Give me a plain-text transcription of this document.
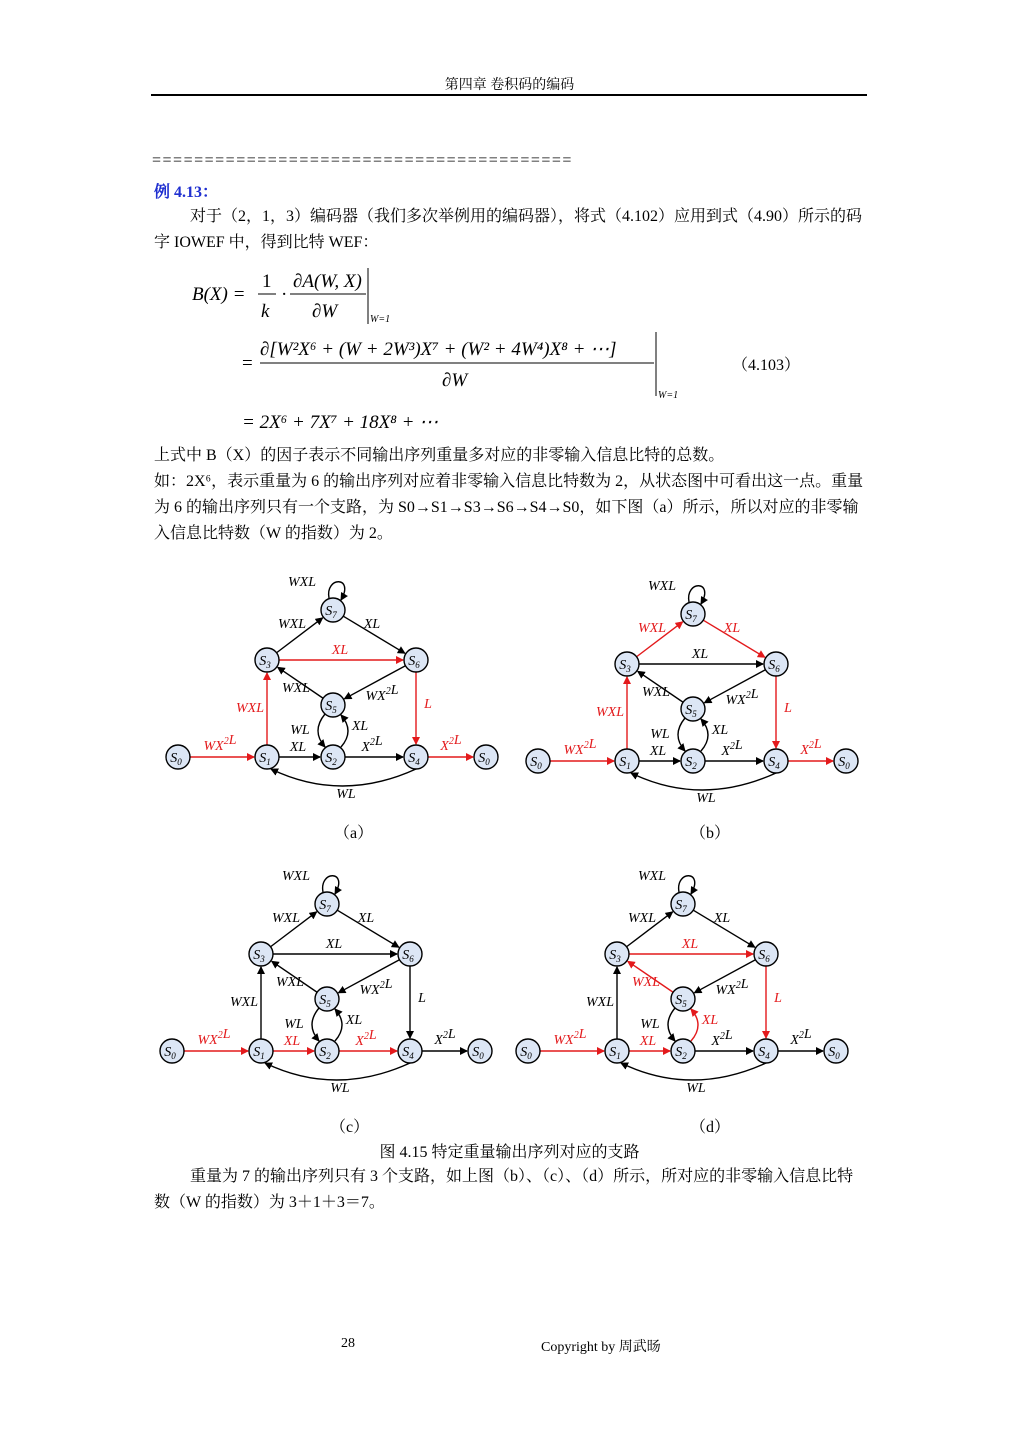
第四章 卷积码的编码
========================================
例 4.13：
对于（2，1，3）编码器（我们多次举例用的编码器），将式（4.102）应用到式（4.90）所示的码字 IOWEF 中，得到比特 WEF：
B(X) =
1
k
·
∂A(W, X)
∂W	W=1
=
∂[W²X⁶ + (W + 2W³)X⁷ + (W² + 4W⁴)X⁸ + ⋯]
∂W
W=1
= 2X⁶ + 7X⁷ + 18X⁸ + ⋯
（4.103）
上式中 B（X）的因子表示不同输出序列重量多对应的非零输入信息比特的总数。
如：2X⁶，表示重量为 6 的输出序列对应着非零输入信息比特数为 2，从状态图中可看出这一点。重量为 6 的输出序列只有一个支路，为 S0→S1→S3→S6→S4→S0，如下图（a）所示，所以对应的非零输入信息比特数（W 的指数）为 2。
$WX^2L$	XL	$X^2L$	$X^2L$
WXL
WXL	XL
XL
L
$WX^2L$
WXL
WL	XL
WL
WXL
$S_0$	$S_1$	$S_2$
$S_3$
$S_4$
$S_5$
$S_6$
$S_7$
$S_0$
$WX^2L$	XL	$X^2L$	$X^2L$
WXL
WXL	XL
XL
L
$WX^2L$
WXL
WL	XL
WL
WXL
$S_0$	$S_1$	$S_2$
$S_3$
$S_4$
$S_5$
$S_6$
$S_7$
$S_0$
$WX^2L$	XL	$X^2L$	$X^2L$
WXL
WXL	XL
XL
L
$WX^2L$
WXL
WL	XL
WL
WXL
$S_0$	$S_1$	$S_2$
$S_3$
$S_4$
$S_5$
$S_6$
$S_7$
$S_0$
$WX^2L$	XL	$X^2L$	$X^2L$
WXL
WXL	XL
XL
L
$WX^2L$
WXL
WL	XL
WL
WXL
$S_0$	$S_1$	$S_2$
$S_3$
$S_4$
$S_5$
$S_6$
$S_7$
$S_0$
（a）	（b）
（c）	（d）
图 4.15 特定重量输出序列对应的支路
重量为 7 的输出序列只有 3 个支路，如上图（b）、（c）、（d）所示，所对应的非零输入信息比特数（W 的指数）为 3＋1＋3＝7。
28	Copyright by 周武旸
